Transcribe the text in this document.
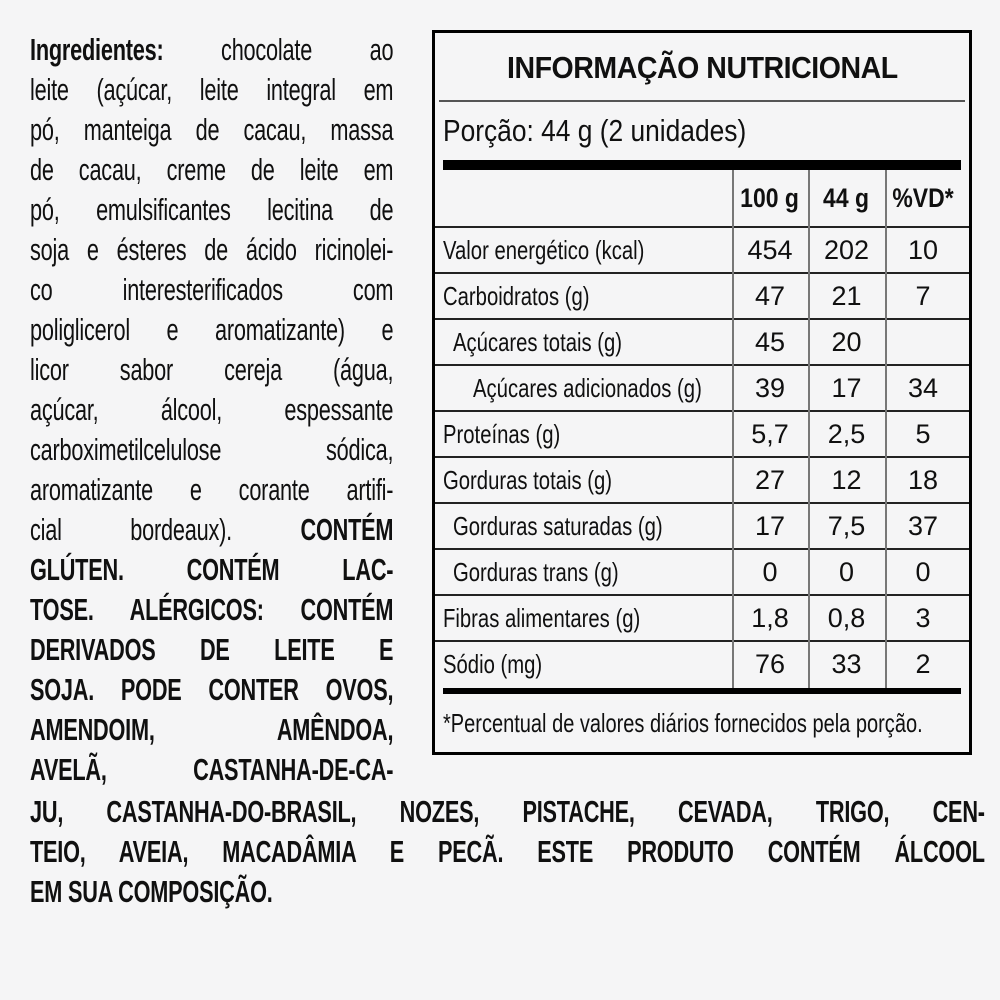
Ingredientes: chocolate ao
leite (açúcar, leite integral em
pó, manteiga de cacau, massa
de cacau, creme de leite em
pó, emulsificantes lecitina de
soja e ésteres de ácido ricinolei-
co interesterificados com
poliglicerol e aromatizante) e
licor sabor cereja (água,
açúcar, álcool, espessante
carboximetilcelulose sódica,
aromatizante e corante artifi-
cial bordeaux). CONTÉM
GLÚTEN. CONTÉM LAC-
TOSE. ALÉRGICOS: CONTÉM
DERIVADOS DE LEITE E
SOJA. PODE CONTER OVOS,
AMENDOIM, AMÊNDOA,
AVELÃ, CASTANHA-DE-CA-
JU, CASTANHA-DO-BRASIL, NOZES, PISTACHE, CEVADA, TRIGO, CEN-
TEIO, AVEIA, MACADÂMIA E PECÃ. ESTE PRODUTO CONTÉM ÁLCOOL
EM SUA COMPOSIÇÃO.
INFORMAÇÃO NUTRICIONAL
Porção: 44 g (2 unidades)
100 g 44 g %VD*
Valor energético (kcal)	454	202	10
Carboidratos (g)	47	21	7
Açúcares totais (g)	45	20
Açúcares adicionados (g)	39	17	34
Proteínas (g)	5,7	2,5	5
Gorduras totais (g)	27	12	18
Gorduras saturadas (g)	17	7,5	37
Gorduras trans (g)	0	0	0
Fibras alimentares (g)	1,8	0,8	3
Sódio (mg)	76	33	2
*Percentual de valores diários fornecidos pela porção.
